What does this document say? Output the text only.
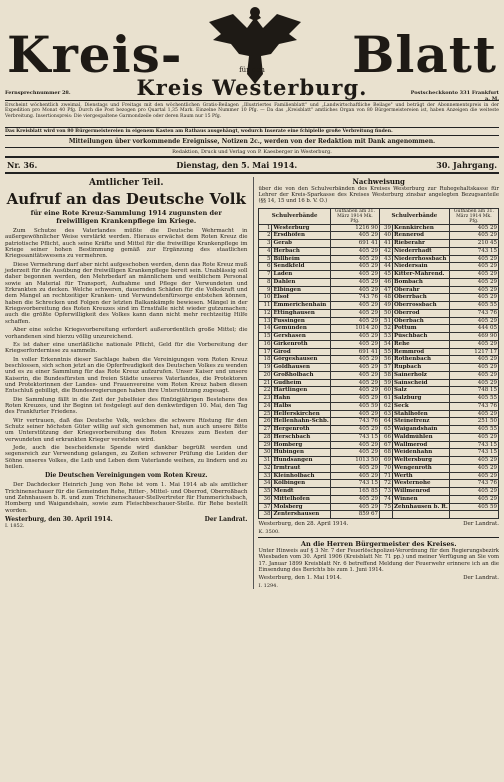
Kreis-	Blatt
für den
Kreis Westerburg.
Fernsprechnummer 28.	Postscheckkonto 331 Frankfurt a. M.
Erscheint wöchentlich zweimal, Dienstags und Freitags mit den wöchentlichen Gratis-Beilagen „Illustriertes Familienblatt" und „Landwirtschaftliche Beilage" und beträgt der Abonnementspreis in der Expedition pro Monat 40 Pfg. Durch die Post bezogen pro Quartal 1,35 Mark. Einzelne Nummer 10 Pfg. — Da das „Kreisblatt" amtliches Organ von 80 Bürgermeistereien ist, haben Anzeigen die weiteste Verbreitung. Insertionspreis: Die viergespaltene Garmondzeile oder deren Raum nur 15 Pfg.
Das Kreisblatt wird von 80 Bürgermeistereien in eigenem Kasten am Rathaus ausgehängt, wodurch Inserate eine fchipielle große Verbreitung finden.
Mitteilungen über vorkommende Ereignisse, Notizen 2c., werden von der Redaktion mit Dank angenommen.
Redaktion, Druck und Verlag von P. Kaesberger in Westerburg.
Nr. 36.	Dienstag, den 5. Mai 1914.	30. Jahrgang.
Amtlicher Teil.
Aufruf an das Deutsche Volk
für eine Rote Kreuz-Sammlung 1914 zugunsten der freiwilligen Krankenpflege im Kriege.

Zum Schutze des Vaterlandes müßte die Deutsche Wehrmacht in außergewöhnlicher Weise verstärkt werden. Hieraus erwächst dem Roten Kreuz die patriotische Pflicht, auch seine Kräfte und Mittel für die freiwillige Krankenpflege im Kriege seiner hohen Bestimmung gemäß zur Ergänzung des staatlichen Kriegssanitätswesens zu vermehren.

Diese Vermehrung darf aber nicht aufgeschoben werden, denn das Rote Kreuz muß jederzeit für die Ausübung der freiwilligen Krankenpflege bereit sein. Unablässig soll daher begonnen werden, den Mehrbedarf an männlichem und weiblichem Personal sowie an Material für Transport, Aufnahme und Pflege der Verwundeten und Erkrankten zu decken. Welche schweren, dauernden Schäden für die Volkskraft und dem Mangel an rechtzeitiger Kranken- und Verwundetenfürsorge entstehen können, haben die Schrecken und Folgen der letzten Balkankämpfe bewiesen. Mängel in der Kriegsvorbereitung des Roten Kreuzes sind im Ernstfalle nicht wieder gutzumachen; auch die größte Opferwilligkeit des Volkes kann dann nicht mehr rechtzeitig Hilfe schaffen.

Aber eine solche Kriegsvorbereitung erfordert außerordentlich große Mittel; die vorhandenen sind hierzu völlig unzureichend.

Es ist daher eine unerläßliche nationale Pflicht, Geld für die Vorbereitung der Kriegserfordernisse zu sammeln.

In voller Erkenntnis dieser Sachlage haben die Vereinigungen vom Roten Kreuz beschlossen, sich schon jetzt an die Opferfreudigkeit des Deutschen Volkes zu wenden und es zu einer Sammlung für das Rote Kreuz aufzurufen. Unser Kaiser und unsere Kaiserin, die Bundesfürsten und freien Städte unseres Vaterlandes, die Protektoren und Protektorinnen der Landes- und Frauenvereine vom Roten Kreuz haben diesen Entschluß gebilligt, die Bundesregierungen haben ihre Unterstützung zugesagt.

Die Sammlung fällt in die Zeit der Jubelfeier des fünfzigjährigen Bestehens des Roten Kreuzes, und ihr Beginn ist festgelegt auf den denkwürdigen 10. Mai, den Tag des Frankfurter Friedens.

Wir vertrauen, daß das Deutsche Volk, welches die schwere Rüstung für den Schutz seiner höchsten Güter willig auf sich genommen hat, nun auch unsere Bitte um Unterstützung der Kriegsvorbereitung des Roten Kreuzes zum Besten der verwundeten und erkrankten Krieger verstehen wird.

Jede, auch die bescheidenste Spende wird dankbar begrüßt werden und segensreich zur Verwendung gelangen, zu Zeiten schwerer Prüfung die Leiden der Söhne unseres Volkes, die Leib und Leben dem Vaterlande weihen, zu lindern und zu heilen.

Die Deutschen Vereinigungen vom Roten Kreuz.

Der Dachdecker Heinrich Jung von Rehe ist vom 1. Mai 1914 ab als amtlicher Trichinenschauer für die Gemeinden Rehe, Ritter-, Mittel- und Oberrod, Oberroßbach und Zehnhausen b. R. und zum Trichinenschauer-Stellvertreter für Hummerichsbach, Homberg und Waigandshain, sowie zum Fleischbeschauer-Stelle. für Rehe bestellt worden.

Westerburg, den 30. April 1914.	Der Landrat.
I. 1852.
Nachweisung
über die von den Schulverbänden des Kreises Westerburg zur Ruhegehaltskasse für Lehrer der Kreis-Sparkasse des Kreises Westerburg zinsbar angelegten Bezugsanteile (§§ 14, 15 und 16 b. V. O.)
Schulverbände		Guthaben am 31. März 1914 Mk. Pfg.	Schulverbände		Guthaben am 31. März 1914 Mk. Pfg.
1	Westerburg	1216 90	39	Kennkirchen	405 29
2	Ersdhöfen	405 29	40	Rennerod	405 29
3	Gerab	691 41	41	Rieberahr	210 45
4	Herbach	405 29	42	Niederrhadt	743 15
5	Billheim	405 29	43	Niederrhossbach	405 29
6	Sendkfeld	405 29	44	Niedersain	405 29
7	Laden	405 29	45	Kitter-Mährend.	405 29
8	Dahlen	405 29	46	Bombach	405 29
9	Elbingen	405 29	47	Oberahr	405 29
10	Elsof	743 76	48	Oberrbach	405 29
11	Emmerichenhain	405 29	49	Oberrossbach	405 55
12	Ettinghausen	405 29	50	Oberrod	743 76
13	Fussingen	405 29	51	Oberbach	405 29
14	Gemünden	1014 20	52	Pottum	444 05
15	Gershasen	405 29	53	Püschbach	469 90
16	Girkenroth	405 29	54	Rehe	405 29
17	Girod	691 41	55	Remmrod	1217 17
18	Görgeshausen	405 29	56	Rothenbach	405 29
19	Goldhausen	405 29	57	Rupbach	405 29
20	Großholbach	405 29	58	Sainerholz	405 29
21	Gudheim	405 29	59	Sainscheid	405 29
22	Härtlingen	405 29	60	Salz	748 15
23	Hahn	405 29	61	Salzburg	405 55
24	Halbs	405 59	62	Seck	743 76
25	Helferskirchen	405 29	63	Stahlhofen	405 29
26	Hellenhahn-Schb.	743 76	64	Steinefrenz	251 50
27	Hergenroth	405 29	65	Waigandshain	405 55
28	Herschbach	743 15	66	Waldmühlen	405 29
29	Homberg	405 29	67	Wallmerod	743 15
30	Hübingen	405 29	68	Weidenhahn	743 15
31	Hundsangen	1013 50	69	Weltersburg	405 29
32	Irmtraut	405 29	70	Wengenroth	405 29
33	Kleinholbach	405 29	71	Werth	405 29
34	Kölbingen	743 15	72	Westernohe	743 76
35	Mendt	165 85	73	Willmenrod	405 29
36	Mittelhofen	405 29	74	Winnen	405 29
37	Molsberg	405 29	75	Zehnhausen b. R.	405 59
38	Zentershausen	859 67			
Westerburg, den 28. April 1914.	Der Landrat.
K. 3500.
An die Herren Bürgermeister des Kreises.
Unter Hinweis auf § 3 Nr. 7 der Feuerlöschpolizei-Verordnung für den Regierungsbezirk Wiesbaden vom 30. April 1906 (Kreisblatt Nr. 71 pp.) und meiner Verfügung an Sie vom 17. Januar 1899 Kreisblatt Nr. 6 betreffend Meldung der Feuerwehr erinnere ich an die Einsendung des Berichts bis zum 1. Juni 1914.
Westerburg, den 1. Mai 1914.	Der Landrat.
I. 1294.
